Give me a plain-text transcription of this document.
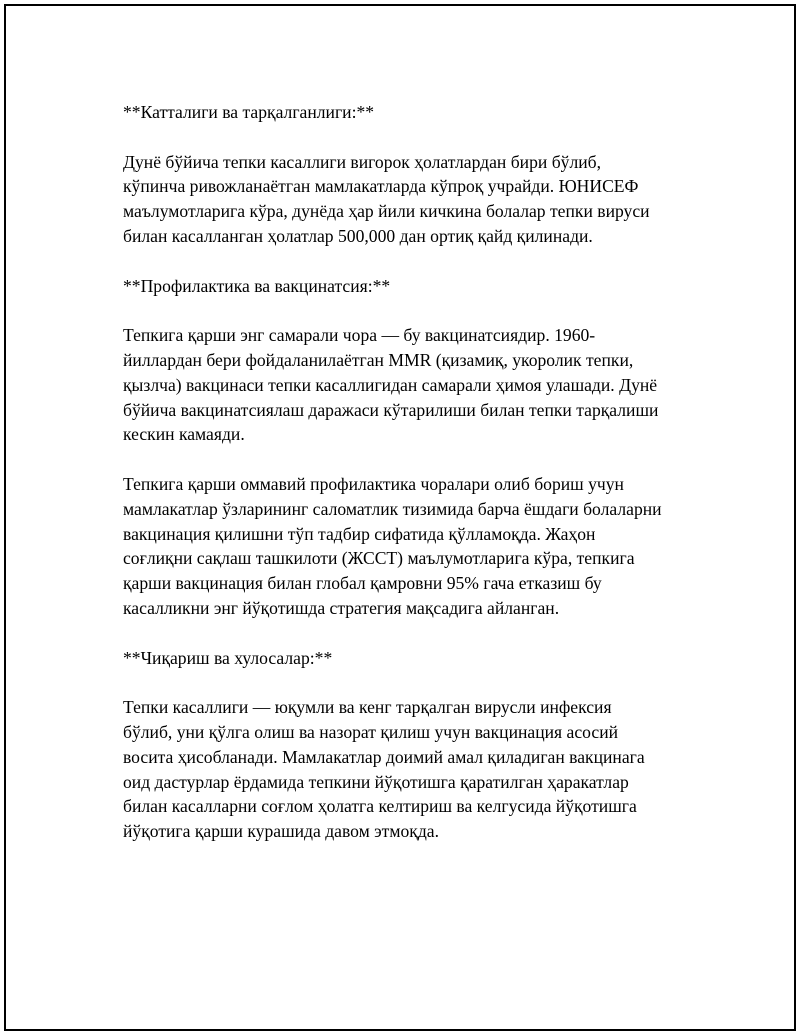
**Катталиги ва тарқалганлиги:**

Дунё бўйича тепки касаллиги вигорок ҳолатлардан бири бўлиб,
кўпинча ривожланаётган мамлакатларда кўпроқ учрайди. ЮНИСЕФ
маълумотларига кўра, дунёда ҳар йили кичкина болалар тепки вируси
билан касалланган ҳолатлар 500,000 дан ортиқ қайд қилинади.

**Профилактика ва вакцинатсия:**

Тепкига қарши энг самарали чора — бу вакцинатсиядир. 1960-
йиллардан бери фойдаланилаётган MMR (қизамиқ, укоролик тепки,
қызлча) вакцинаси тепки касаллигидан самарали ҳимоя улашади. Дунё
бўйича вакцинатсиялаш даражаси кўтарилиши билан тепки тарқалиши
кескин камаяди.

Тепкига қарши оммавий профилактика чоралари олиб бориш учун
мамлакатлар ўзларининг саломатлик тизимида барча ёшдаги болаларни
вакцинация қилишни тўп тадбир сифатида қўлламоқда. Жаҳон
соғлиқни сақлаш ташкилоти (ЖССТ) маълумотларига кўра, тепкига
қарши вакцинация билан глобал қамровни 95% гача етказиш бу
касалликни энг йўқотишда стратегия мақсадига айланган.

**Чиқариш ва хулосалар:**

Тепки касаллиги — юқумли ва кенг тарқалган вирусли инфексия
бўлиб, уни қўлга олиш ва назорат қилиш учун вакцинация асосий
восита ҳисобланади. Мамлакатлар доимий амал қиладиган вакцинага
оид дастурлар ёрдамида тепкини йўқотишга қаратилган ҳаракатлар
билан касалларни соғлом ҳолатга келтириш ва келгусида йўқотишга
йўқотига қарши курашида давом этмоқда.
